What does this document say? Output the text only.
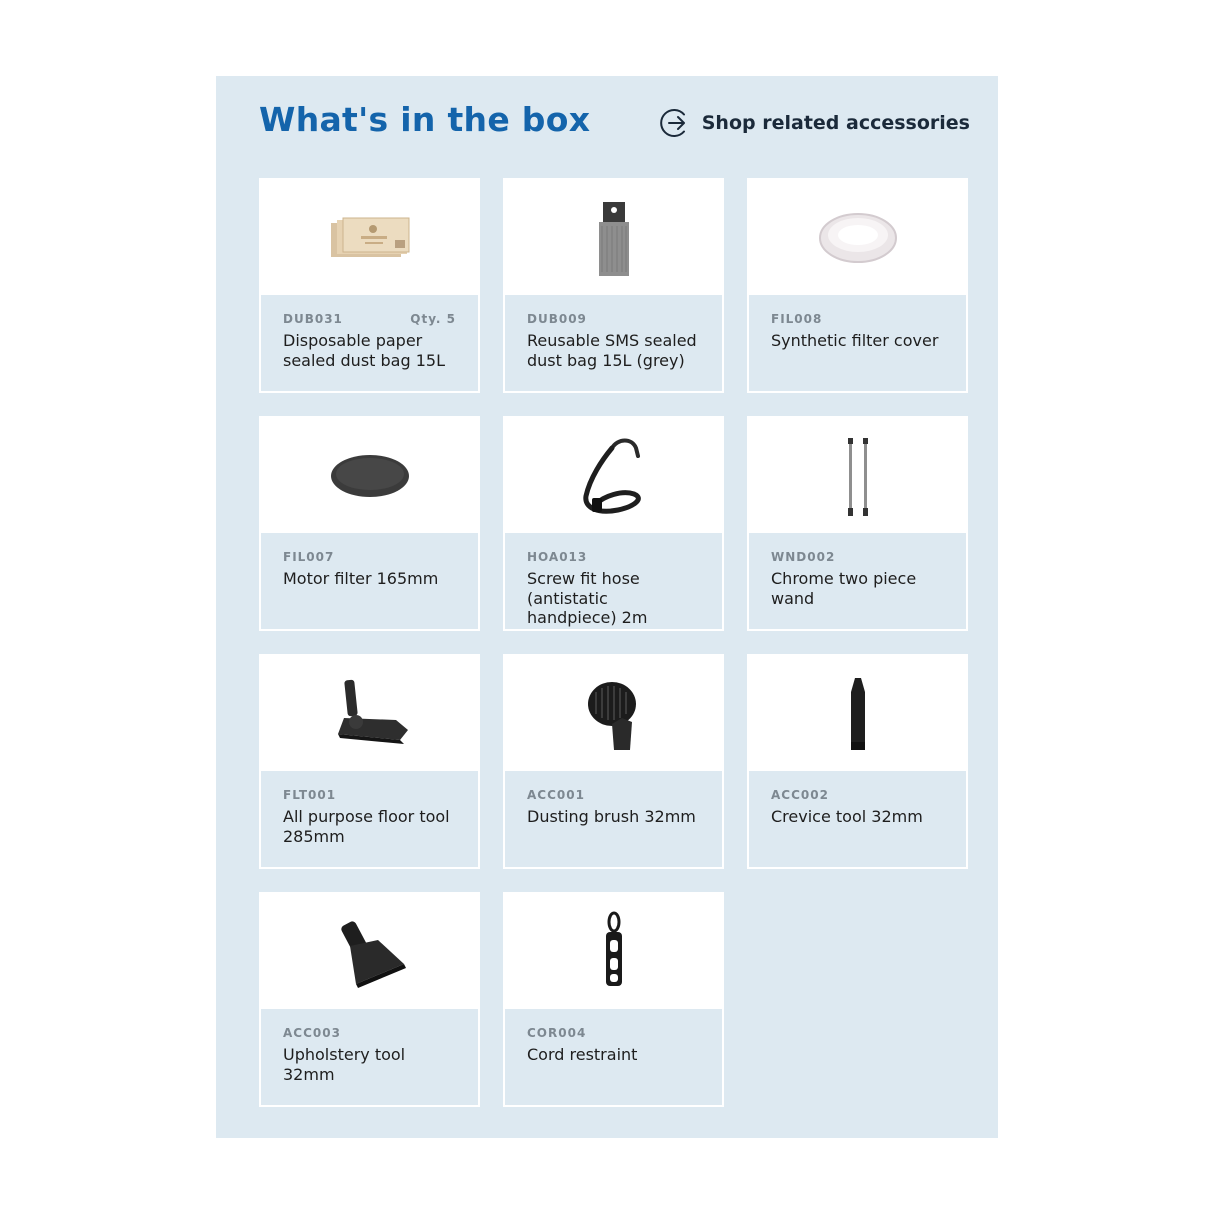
What's in the box	Shop related accessories
DUB031	Qty. 5
Disposable paper sealed dust bag 15L
DUB009
Reusable SMS sealed dust bag 15L (grey)
FIL008
Synthetic filter cover
FIL007
Motor filter 165mm
HOA013
Screw fit hose (antistatic handpiece) 2m
WND002
Chrome two piece wand
FLT001
All purpose floor tool 285mm
ACC001
Dusting brush 32mm
ACC002
Crevice tool 32mm
ACC003
Upholstery tool 32mm
COR004
Cord restraint
